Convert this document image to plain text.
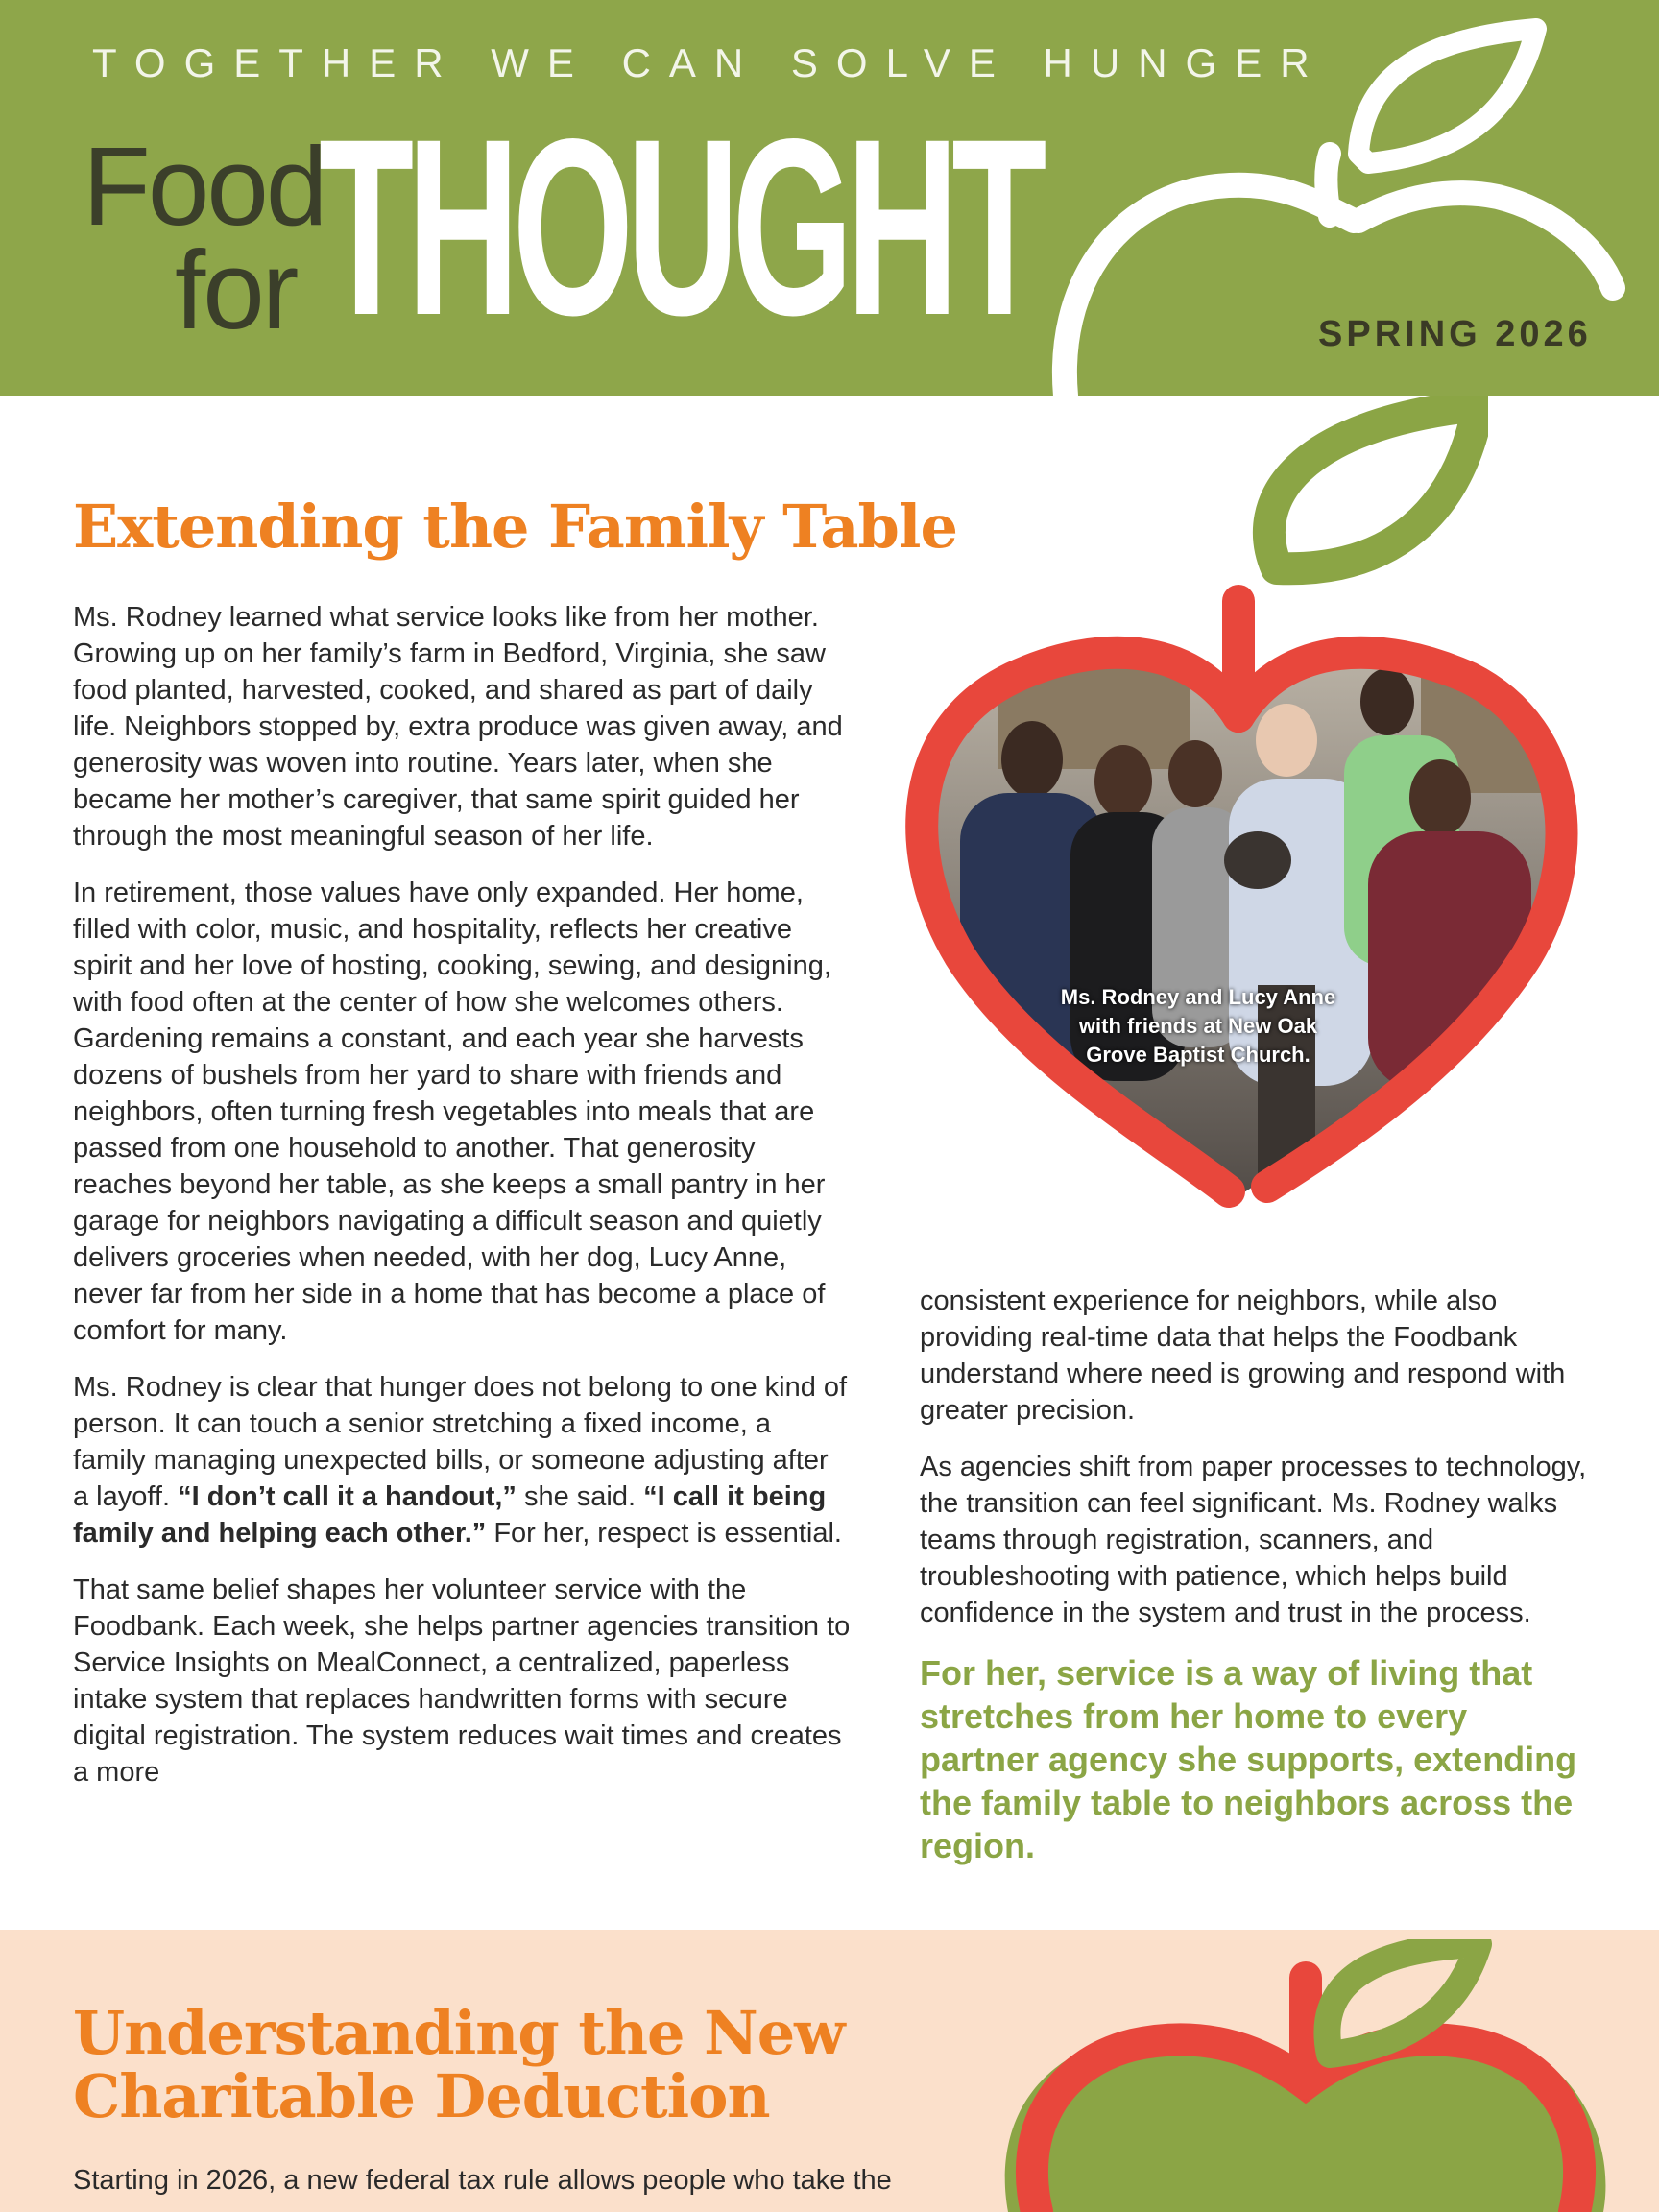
TOGETHER WE CAN SOLVE HUNGER
Food
for THOUGHT	SPRING 2026
Extending the Family Table

Ms. Rodney learned what service looks like from her mother. Growing up on her family’s farm in Bedford, Virginia, she saw food planted, harvested, cooked, and shared as part of daily life. Neighbors stopped by, extra produce was given away, and generosity was woven into routine. Years later, when she became her mother’s caregiver, that same spirit guided her through the most meaningful season of her life.

In retirement, those values have only expanded. Her home, filled with color, music, and hospitality, reflects her creative spirit and her love of hosting, cooking, sewing, and designing, with food often at the center of how she welcomes others. Gardening remains a constant, and each year she harvests dozens of bushels from her yard to share with friends and neighbors, often turning fresh vegetables into meals that are passed from one household to another. That generosity reaches beyond her table, as she keeps a small pantry in her garage for neighbors navigating a difficult season and quietly delivers groceries when needed, with her dog, Lucy Anne, never far from her side in a home that has become a place of comfort for many.

Ms. Rodney is clear that hunger does not belong to one kind of person. It can touch a senior stretching a fixed income, a family managing unexpected bills, or someone adjusting after a layoff. “I don’t call it a handout,” she said. “I call it being family and helping each other.” For her, respect is essential.

That same belief shapes her volunteer service with the Foodbank. Each week, she helps partner agencies transition to Service Insights on MealConnect, a centralized, paperless intake system that replaces handwritten forms with secure digital registration. The system reduces wait times and creates a more

Ms. Rodney and Lucy Anne with friends at New Oak Grove Baptist Church.

consistent experience for neighbors, while also providing real-time data that helps the Foodbank understand where need is growing and respond with greater precision.

As agencies shift from paper processes to technology, the transition can feel significant. Ms. Rodney walks teams through registration, scanners, and troubleshooting with patience, which helps build confidence in the system and trust in the process.

For her, service is a way of living that stretches from her home to every partner agency she supports, extending the family table to neighbors across the region.
Understanding the New
Charitable Deduction
Starting in 2026, a new federal tax rule allows people who take the
